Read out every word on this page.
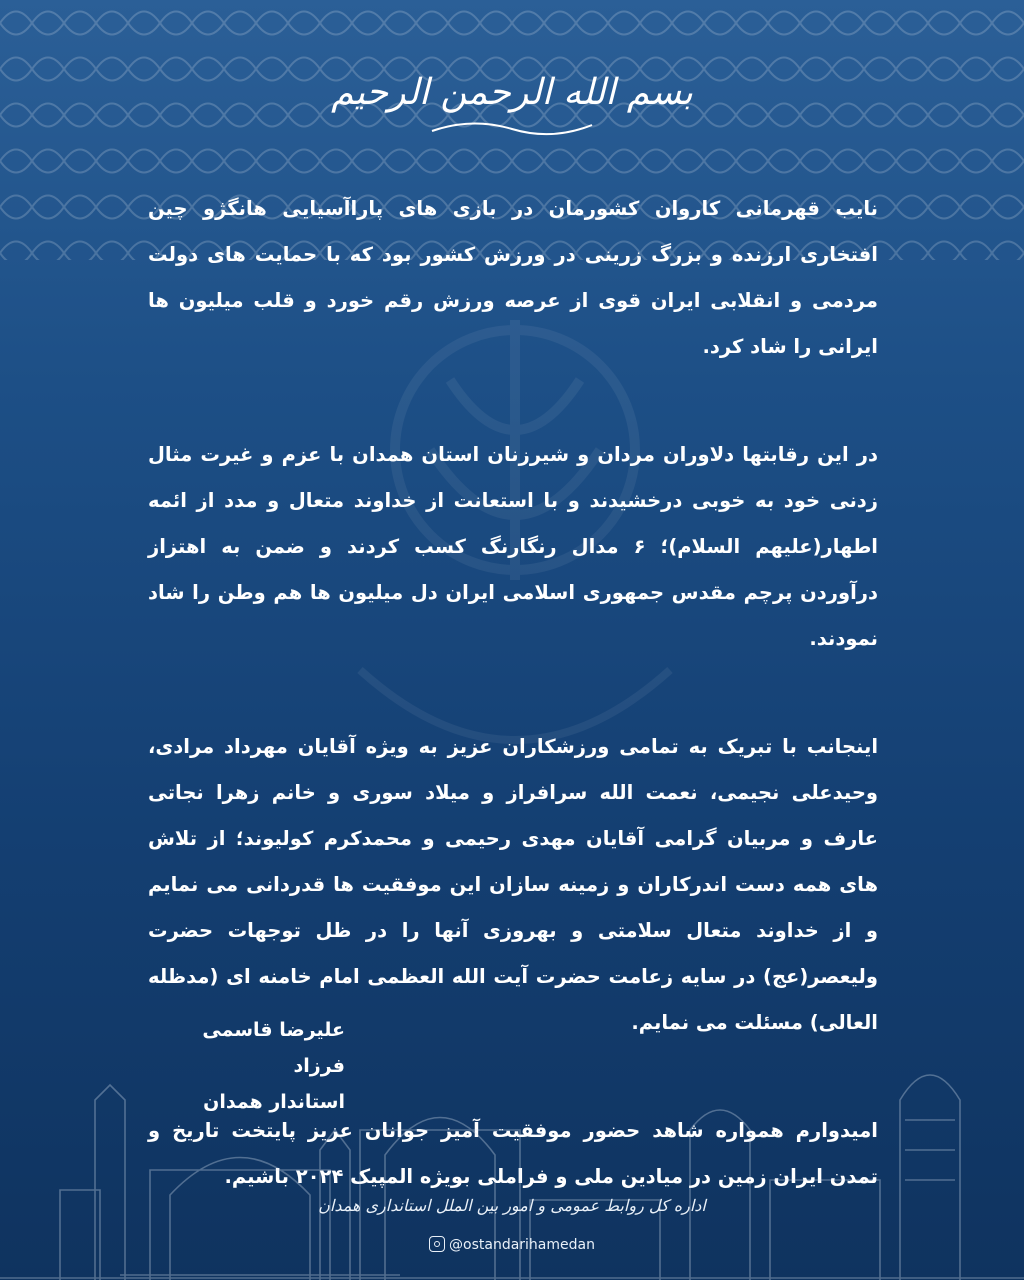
بسم الله الرحمن الرحیم

نایب قهرمانی کاروان کشورمان در بازی های پاراآسیایی هانگژو چین افتخاری ارزنده و بزرگ زرینی در ورزش کشور بود که با حمایت های دولت مردمی و انقلابی ایران قوی از عرصه ورزش رقم خورد و قلب میلیون ها ایرانی را شاد کرد.

در این رقابتها دلاوران مردان و شیرزنان استان همدان با عزم و غیرت مثال زدنی خود به خوبی درخشیدند و با استعانت از خداوند متعال و مدد از ائمه اطهار(علیهم السلام)؛ ۶ مدال رنگارنگ کسب کردند و ضمن به اهتزاز درآوردن پرچم مقدس جمهوری اسلامی ایران دل میلیون ها هم وطن را شاد نمودند.

اینجانب با تبریک به تمامی ورزشکاران عزیز به ویژه آقایان مهرداد مرادی، وحیدعلی نجیمی، نعمت الله سرافراز و میلاد سوری و خانم زهرا نجاتی عارف و مربیان گرامی آقایان مهدی رحیمی و محمدکرم کولیوند؛ از تلاش های همه دست اندرکاران و زمینه سازان این موفقیت ها قدردانی می نمایم و از خداوند متعال سلامتی و بهروزی آنها را در ظل توجهات حضرت ولیعصر(عج) در سایه زعامت حضرت آیت الله العظمی امام خامنه ای (مدظله العالی) مسئلت می نمایم.

امیدوارم همواره شاهد حضور موفقیت آمیز جوانان عزیز پایتخت تاریخ و تمدن ایران زمین در میادین ملی و فراملی بویژه المپیک ۲۰۲۴ باشیم.

علیرضا قاسمی فرزاد
استاندار همدان
اداره کل روابط عمومی و امور بین الملل استانداری همدان
@ostandarihamedan
